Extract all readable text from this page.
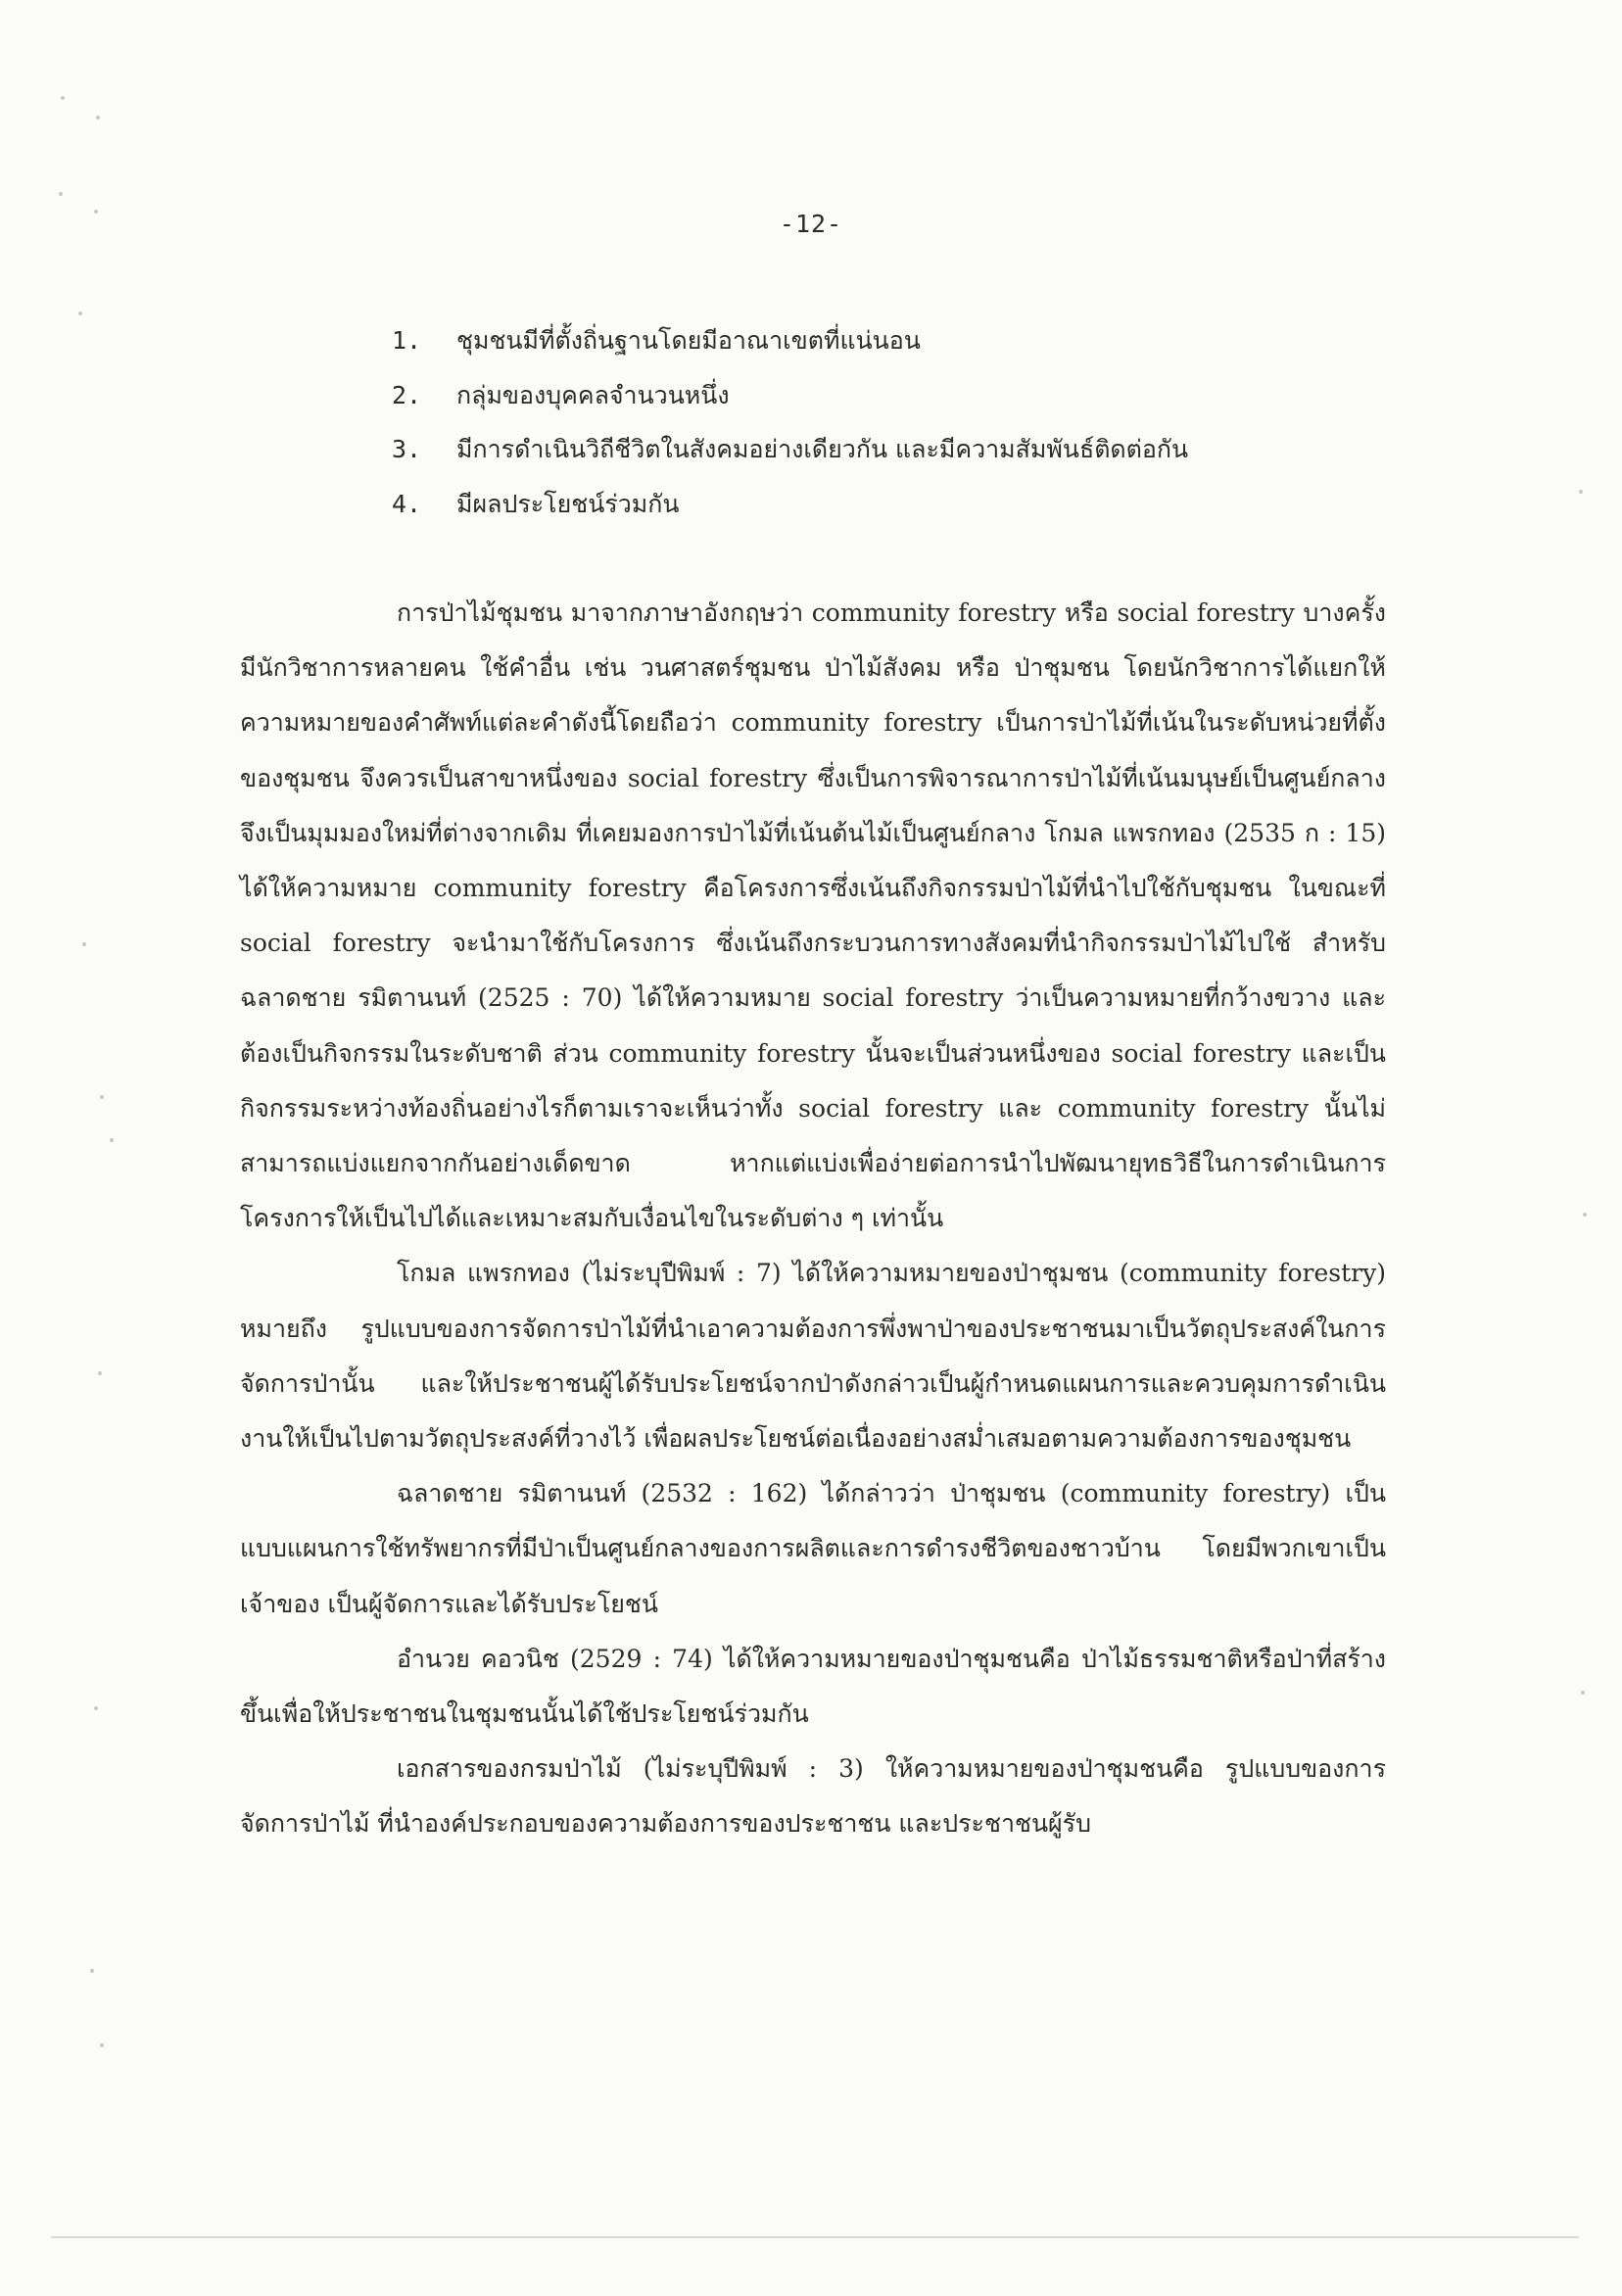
-12-
1. ชุมชนมีที่ตั้งถิ่นฐานโดยมีอาณาเขตที่แน่นอน
2. กลุ่มของบุคคลจำนวนหนึ่ง
3. มีการดำเนินวิถีชีวิตในสังคมอย่างเดียวกัน และมีความสัมพันธ์ติดต่อกัน
4. มีผลประโยชน์ร่วมกัน

การป่าไม้ชุมชน มาจากภาษาอังกฤษว่า community forestry หรือ social forestry บางครั้งมีนักวิชาการหลายคน ใช้คำอื่น เช่น วนศาสตร์ชุมชน ป่าไม้สังคม หรือ ป่าชุมชน โดยนักวิชาการได้แยกให้ความหมายของคำศัพท์แต่ละคำดังนี้โดยถือว่า community forestry เป็นการป่าไม้ที่เน้นในระดับหน่วยที่ตั้งของชุมชน จึงควรเป็นสาขาหนึ่งของ social forestry ซึ่งเป็นการพิจารณาการป่าไม้ที่เน้นมนุษย์เป็นศูนย์กลางจึงเป็นมุมมองใหม่ที่ต่างจากเดิม ที่เคยมองการป่าไม้ที่เน้นต้นไม้เป็นศูนย์กลาง โกมล แพรกทอง (2535 ก : 15) ได้ให้ความหมาย community forestry คือโครงการซึ่งเน้นถึงกิจกรรมป่าไม้ที่นำไปใช้กับชุมชน ในขณะที่ social forestry จะนำมาใช้กับโครงการ ซึ่งเน้นถึงกระบวนการทางสังคมที่นำกิจกรรมป่าไม้ไปใช้ สำหรับ ฉลาดชาย รมิตานนท์ (2525 : 70) ได้ให้ความหมาย social forestry ว่าเป็นความหมายที่กว้างขวาง และต้องเป็นกิจกรรมในระดับชาติ ส่วน community forestry นั้นจะเป็นส่วนหนึ่งของ social forestry และเป็นกิจกรรมระหว่างท้องถิ่นอย่างไรก็ตามเราจะเห็นว่าทั้ง social forestry และ community forestry นั้นไม่สามารถแบ่งแยกจากกันอย่างเด็ดขาด หากแต่แบ่งเพื่อง่ายต่อการนำไปพัฒนายุทธวิธีในการดำเนินการ โครงการให้เป็นไปได้และเหมาะสมกับเงื่อนไขในระดับต่าง ๆ เท่านั้น

โกมล แพรกทอง (ไม่ระบุปีพิมพ์ : 7) ได้ให้ความหมายของป่าชุมชน (community forestry) หมายถึง รูปแบบของการจัดการป่าไม้ที่นำเอาความต้องการพึ่งพาป่าของประชาชนมาเป็นวัตถุประสงค์ในการจัดการป่านั้น และให้ประชาชนผู้ได้รับประโยชน์จากป่าดังกล่าวเป็นผู้กำหนดแผนการและควบคุมการดำเนินงานให้เป็นไปตามวัตถุประสงค์ที่วางไว้ เพื่อผลประโยชน์ต่อเนื่องอย่างสม่ำเสมอตามความต้องการของชุมชน

ฉลาดชาย รมิตานนท์ (2532 : 162) ได้กล่าวว่า ป่าชุมชน (community forestry) เป็นแบบแผนการใช้ทรัพยากรที่มีป่าเป็นศูนย์กลางของการผลิตและการดำรงชีวิตของชาวบ้าน โดยมีพวกเขาเป็นเจ้าของ เป็นผู้จัดการและได้รับประโยชน์

อำนวย คอวนิช (2529 : 74) ได้ให้ความหมายของป่าชุมชนคือ ป่าไม้ธรรมชาติหรือป่าที่สร้างขึ้นเพื่อให้ประชาชนในชุมชนนั้นได้ใช้ประโยชน์ร่วมกัน

เอกสารของกรมป่าไม้ (ไม่ระบุปีพิมพ์ : 3) ให้ความหมายของป่าชุมชนคือ รูปแบบของการจัดการป่าไม้ ที่นำองค์ประกอบของความต้องการของประชาชน และประชาชนผู้รับ
